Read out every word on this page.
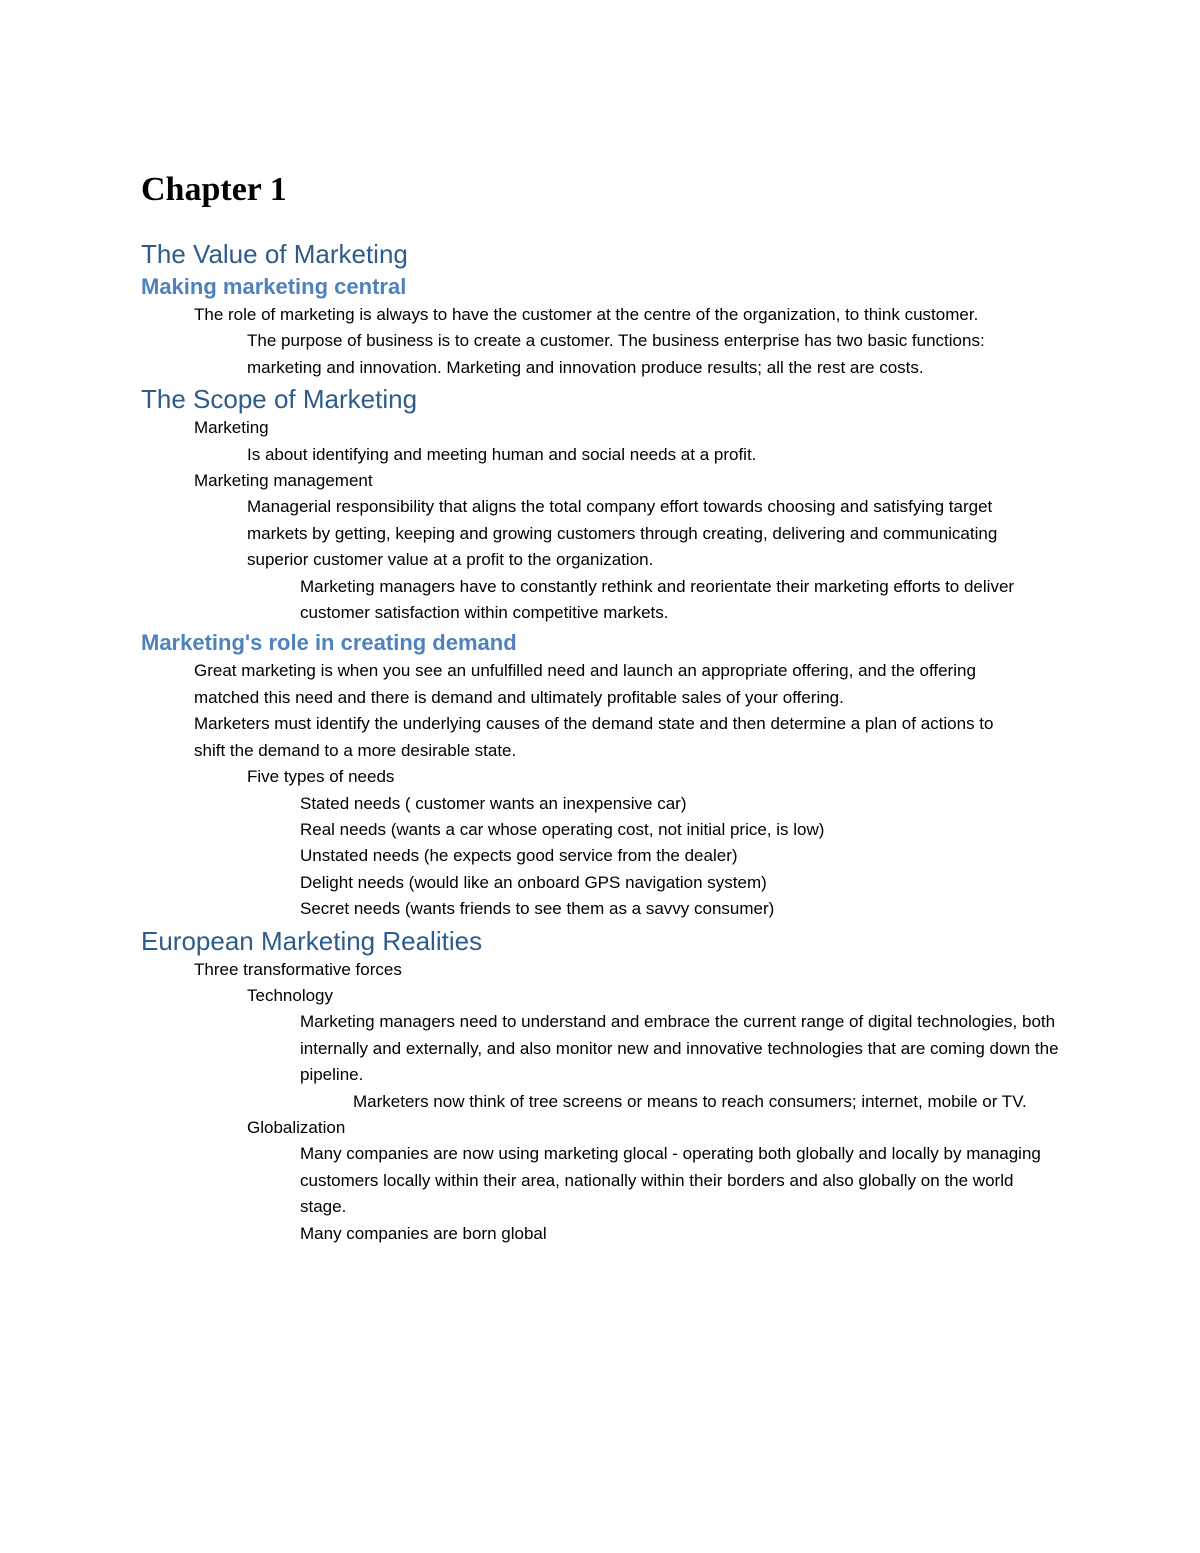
Chapter 1
The Value of Marketing
Making marketing central

The role of marketing is always to have the customer at the centre of the organization, to think customer.

The purpose of business is to create a customer. The business enterprise has two basic functions: marketing and innovation. Marketing and innovation produce results; all the rest are costs.

The Scope of Marketing

Marketing

Is about identifying and meeting human and social needs at a profit.

Marketing management

Managerial responsibility that aligns the total company effort towards choosing and satisfying target markets by getting, keeping and growing customers through creating, delivering and communicating superior customer value at a profit to the organization.

Marketing managers have to constantly rethink and reorientate their marketing efforts to deliver customer satisfaction within competitive markets.

Marketing's role in creating demand

Great marketing is when you see an unfulfilled need and launch an appropriate offering, and the offering matched this need and there is demand and ultimately profitable sales of your offering.

Marketers must identify the underlying causes of the demand state and then determine a plan of actions to shift the demand to a more desirable state.

Five types of needs

Stated needs ( customer wants an inexpensive car)

Real needs (wants a car whose operating cost, not initial price, is low)

Unstated needs (he expects good service from the dealer)

Delight needs (would like an onboard GPS navigation system)

Secret needs (wants friends to see them as a savvy consumer)

European Marketing Realities

Three transformative forces

Technology

Marketing managers need to understand and embrace the current range of digital technologies, both internally and externally, and also monitor new and innovative technologies that are coming down the pipeline.

Marketers now think of tree screens or means to reach consumers; internet, mobile or TV.

Globalization

Many companies are now using marketing glocal - operating both globally and locally by managing customers locally within their area, nationally within their borders and also globally on the world stage.

Many companies are born global
